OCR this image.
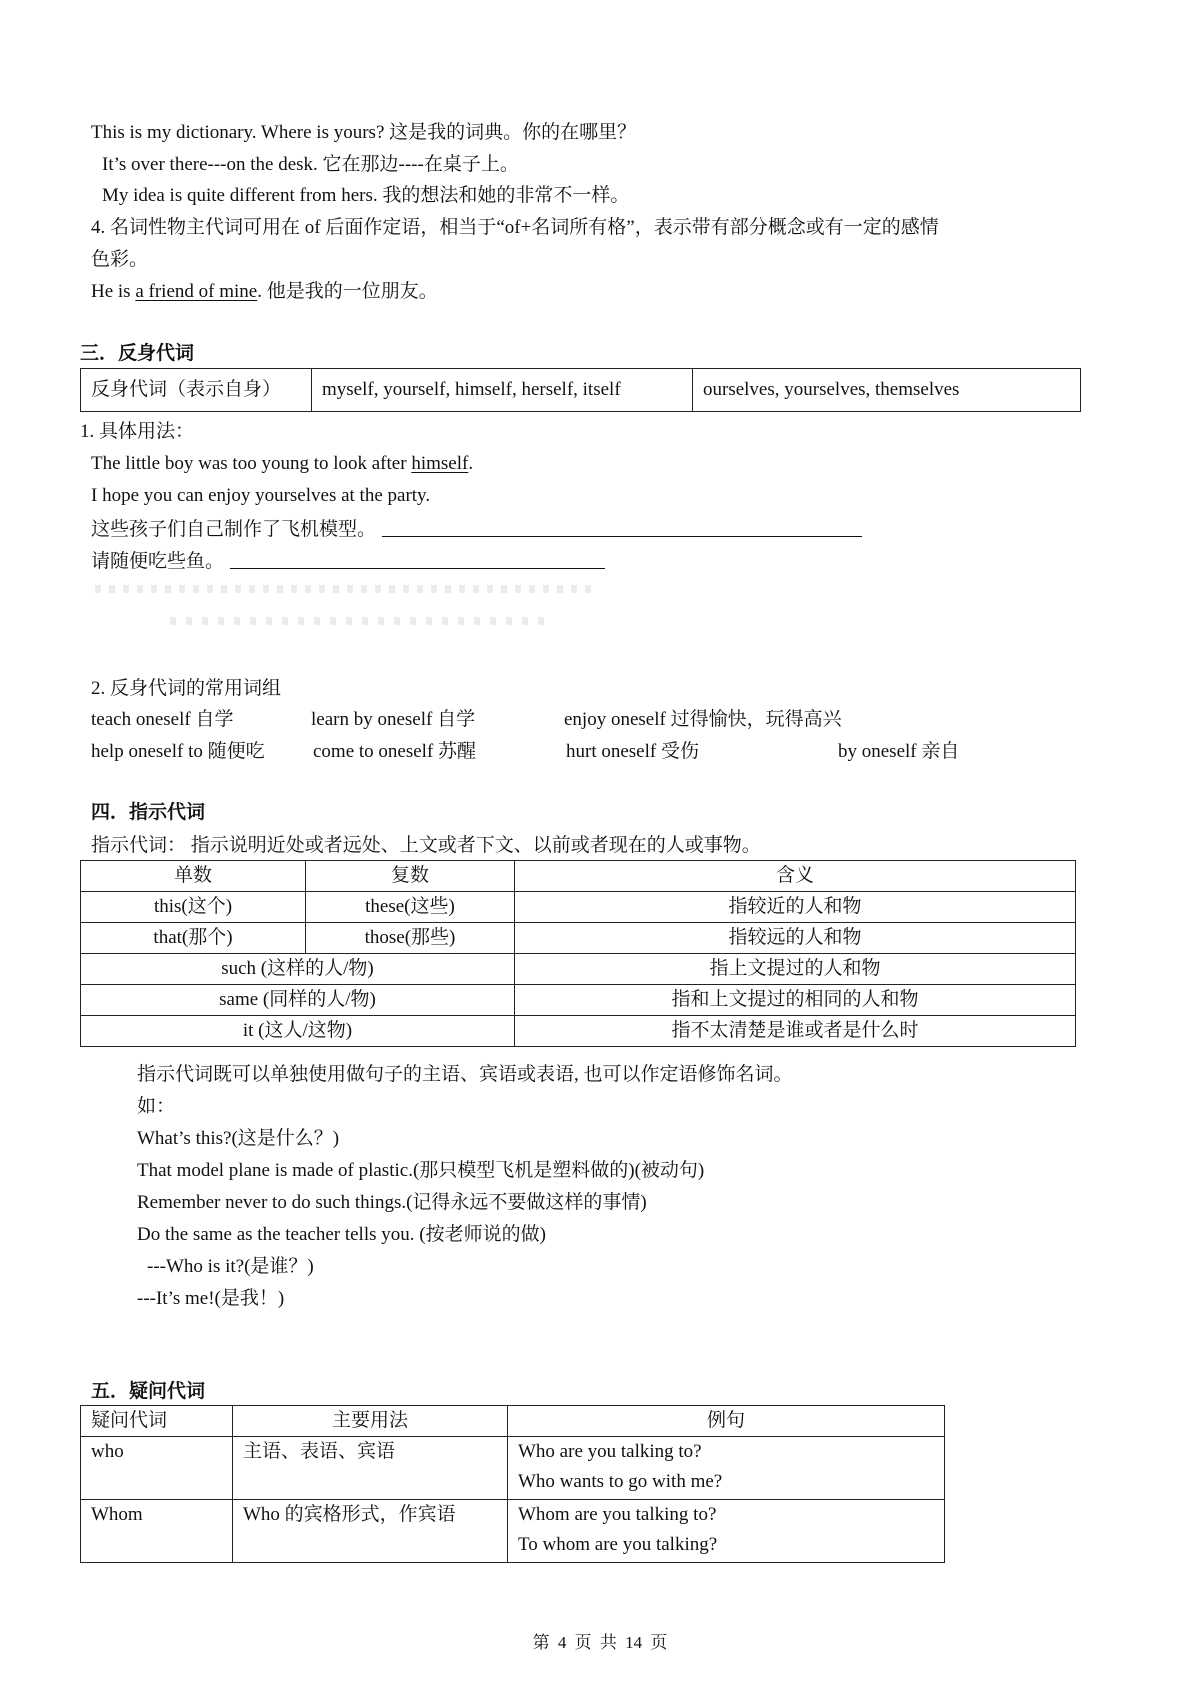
This is my dictionary. Where is yours? 这是我的词典。你的在哪里？
It’s over there---on the desk. 它在那边----在桌子上。
My idea is quite different from hers. 我的想法和她的非常不一样。
4. 名词性物主代词可用在 of 后面作定语，相当于“of+名词所有格”，表示带有部分概念或有一定的感情
色彩。
He is a friend of mine. 他是我的一位朋友。
三．反身代词
反身代词（表示自身）	myself, yourself, himself, herself, itself	ourselves, yourselves, themselves
1. 具体用法：
The little boy was too young to look after himself.
I hope you can enjoy yourselves at the party.
这些孩子们自己制作了飞机模型。
请随便吃些鱼。
2. 反身代词的常用词组
teach oneself 自学	learn by oneself 自学	enjoy oneself 过得愉快，玩得高兴
help oneself to 随便吃	come to oneself 苏醒	hurt oneself 受伤	by oneself 亲自
四．指示代词
指示代词： 指示说明近处或者远处、上文或者下文、以前或者现在的人或事物。
单数	复数	含义
this(这个)	these(这些)	指较近的人和物
that(那个)	those(那些)	指较远的人和物
such (这样的人/物)		指上文提过的人和物
same (同样的人/物)		指和上文提过的相同的人和物
it (这人/这物)		指不太清楚是谁或者是什么时
指示代词既可以单独使用做句子的主语、宾语或表语, 也可以作定语修饰名词。
如：
What’s this?(这是什么？)
That model plane is made of plastic.(那只模型飞机是塑料做的)(被动句)
Remember never to do such things.(记得永远不要做这样的事情)
Do the same as the teacher tells you. (按老师说的做)
---Who is it?(是谁？)
---It’s me!(是我！)
五．疑问代词
疑问代词	主要用法	例句
who	主语、表语、宾语	Who are you talking to?
Who wants to go with me?

Whom	Who 的宾格形式，作宾语	Whom are you talking to?
To whom are you talking?
第 4 页 共 14 页
